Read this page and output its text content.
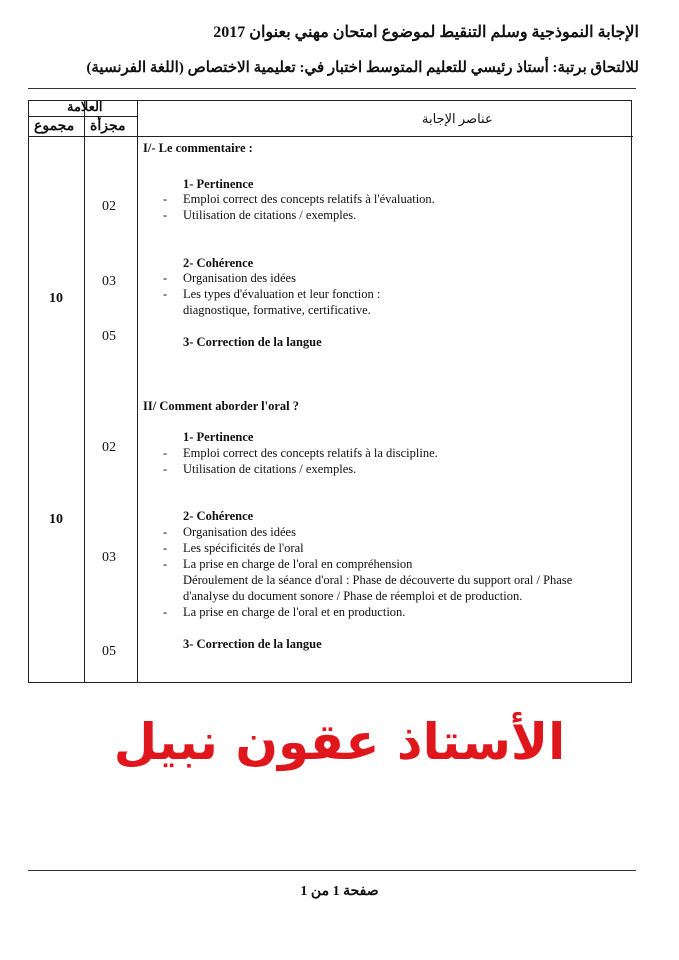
الإجابة النموذجية وسلم التنقيط لموضوع امتحان مهني بعنوان 2017
للالتحاق برتبة: أستاذ رئيسي للتعليم المتوسط اختبار في: تعليمية الاختصاص (اللغة الفرنسية)
العلامة
مجموع مجزأة
عناصر الإجابة
10
02
03
05
I/- Le commentaire :
1- Pertinence
- Emploi correct des concepts relatifs à l'évaluation.
- Utilisation de citations / exemples.
2- Cohérence
- Organisation des idées
- Les types d'évaluation et leur fonction :
diagnostique, formative, certificative.
3- Correction de la langue
II/ Comment aborder l'oral ?
10
02
03
05
1- Pertinence
- Emploi correct des concepts relatifs à la discipline.
- Utilisation de citations / exemples.
2- Cohérence
- Organisation des idées
- Les spécificités de l'oral
- La prise en charge de l'oral en compréhension
Déroulement de la séance d'oral : Phase de découverte du support oral / Phase
d'analyse du document sonore / Phase de réemploi et de production.
- La prise en charge de l'oral et en production.
3- Correction de la langue
الأستاذ عقون نبيل
صفحة 1 من 1
